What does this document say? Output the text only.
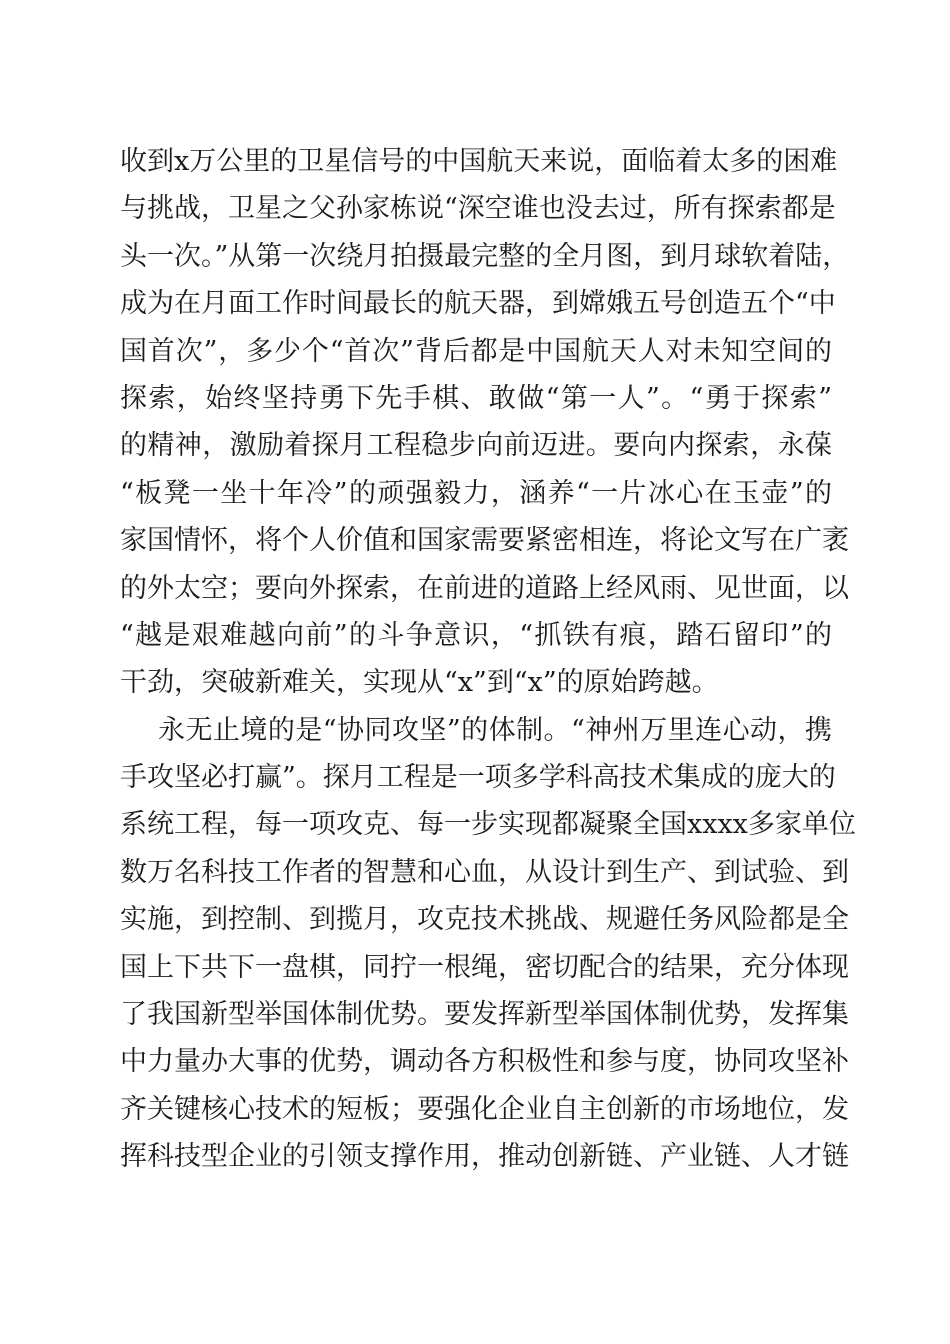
收到x万公里的卫星信号的中国航天来说，面临着太多的困难
与挑战，卫星之父孙家栋说“深空谁也没去过，所有探索都是
头一次。”从第一次绕月拍摄最完整的全月图，到月球软着陆，
成为在月面工作时间最长的航天器，到嫦娥五号创造五个“中
国首次”，多少个“首次”背后都是中国航天人对未知空间的
探索，始终坚持勇下先手棋、敢做“第一人”。“勇于探索”
的精神，激励着探月工程稳步向前迈进。要向内探索，永葆
“板凳一坐十年冷”的顽强毅力，涵养“一片冰心在玉壶”的
家国情怀，将个人价值和国家需要紧密相连，将论文写在广袤
的外太空；要向外探索，在前进的道路上经风雨、见世面，以
“越是艰难越向前”的斗争意识，“抓铁有痕，踏石留印”的
干劲，突破新难关，实现从“x”到“x”的原始跨越。
永无止境的是“协同攻坚”的体制。“神州万里连心动，携
手攻坚必打赢”。探月工程是一项多学科高技术集成的庞大的
系统工程，每一项攻克、每一步实现都凝聚全国xxxx多家单位
数万名科技工作者的智慧和心血，从设计到生产、到试验、到
实施，到控制、到揽月，攻克技术挑战、规避任务风险都是全
国上下共下一盘棋，同拧一根绳，密切配合的结果，充分体现
了我国新型举国体制优势。要发挥新型举国体制优势，发挥集
中力量办大事的优势，调动各方积极性和参与度，协同攻坚补
齐关键核心技术的短板；要强化企业自主创新的市场地位，发
挥科技型企业的引领支撑作用，推动创新链、产业链、人才链
